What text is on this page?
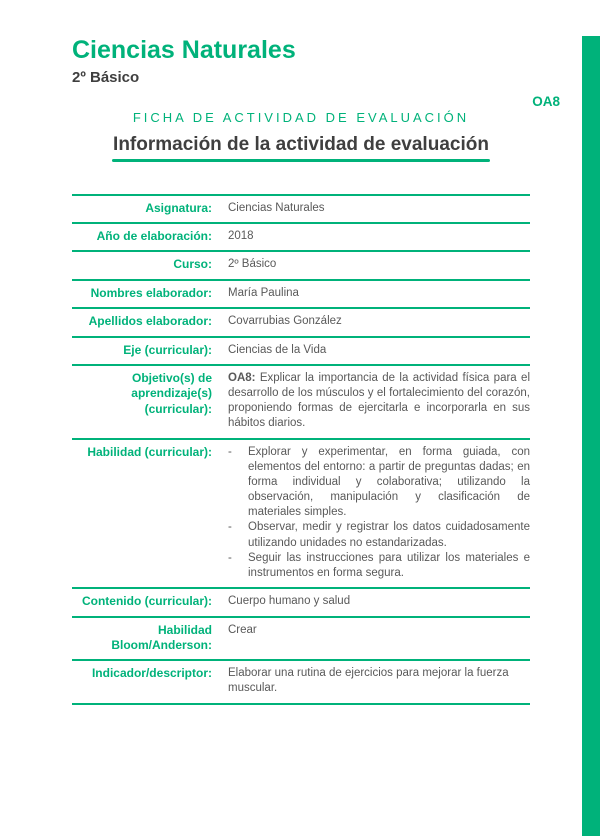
Ciencias Naturales
2º Básico
FICHA DE ACTIVIDAD DE EVALUACIÓN
Información de la actividad de evaluación
Asignatura: Ciencias Naturales
Año de elaboración: 2018
Curso: 2º Básico
Nombres elaborador: María Paulina
Apellidos elaborador: Covarrubias González
Eje (curricular): Ciencias de la Vida
Objetivo(s) de aprendizaje(s) (curricular):
OA8: Explicar la importancia de la actividad física para el desarrollo de los músculos y el fortalecimiento del corazón, proponiendo formas de ejercitarla e incorporarla en sus hábitos diarios.
Habilidad (curricular): -	Explorar y experimentar, en forma guiada, con elementos del entorno: a partir de preguntas dadas; en forma individual y colaborativa; utilizando la observación, manipulación y clasificación de materiales simples.
-	Observar, medir y registrar los datos cuidadosamente utilizando unidades no estandarizadas.
-	Seguir las instrucciones para utilizar los materiales e instrumentos en forma segura.
Contenido (curricular): Cuerpo humano y salud
Habilidad Bloom/Anderson:
Crear
Indicador/descriptor: Elaborar una rutina de ejercicios para mejorar la fuerza muscular.
OA8
